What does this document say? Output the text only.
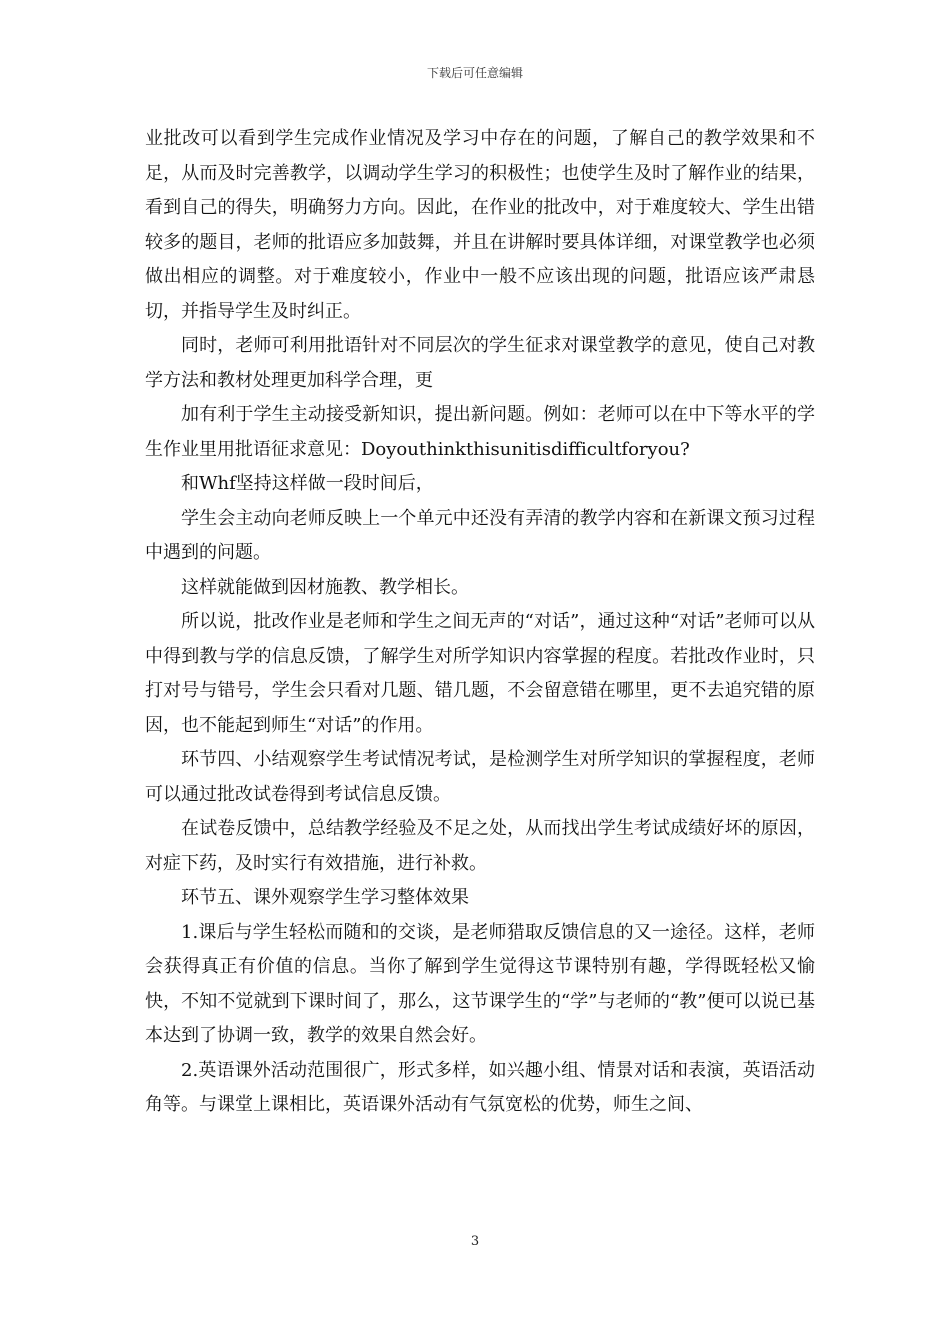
下载后可任意编辑

业批改可以看到学生完成作业情况及学习中存在的问题，了解自己的教学效果和不足，从而及时完善教学，以调动学生学习的积极性；也使学生及时了解作业的结果，看到自己的得失，明确努力方向。因此，在作业的批改中，对于难度较大、学生出错较多的题目，老师的批语应多加鼓舞，并且在讲解时要具体详细，对课堂教学也必须做出相应的调整。对于难度较小，作业中一般不应该出现的问题，批语应该严肃恳切，并指导学生及时纠正。

同时，老师可利用批语针对不同层次的学生征求对课堂教学的意见，使自己对教学方法和教材处理更加科学合理，更

加有利于学生主动接受新知识，提出新问题。例如：老师可以在中下等水平的学生作业里用批语征求意见：Doyouthinkthisunitisdifficultforyou?

和Whf坚持这样做一段时间后，

学生会主动向老师反映上一个单元中还没有弄清的教学内容和在新课文预习过程中遇到的问题。

这样就能做到因材施教、教学相长。

所以说，批改作业是老师和学生之间无声的“对话”，通过这种“对话”老师可以从中得到教与学的信息反馈，了解学生对所学知识内容掌握的程度。若批改作业时，只打对号与错号，学生会只看对几题、错几题，不会留意错在哪里，更不去追究错的原因，也不能起到师生“对话”的作用。

环节四、小结观察学生考试情况考试，是检测学生对所学知识的掌握程度，老师可以通过批改试卷得到考试信息反馈。

在试卷反馈中，总结教学经验及不足之处，从而找出学生考试成绩好坏的原因，对症下药，及时实行有效措施，进行补救。

环节五、课外观察学生学习整体效果

1.课后与学生轻松而随和的交谈，是老师猎取反馈信息的又一途径。这样，老师会获得真正有价值的信息。当你了解到学生觉得这节课特别有趣，学得既轻松又愉快，不知不觉就到下课时间了，那么，这节课学生的“学”与老师的“教”便可以说已基本达到了协调一致，教学的效果自然会好。

2.英语课外活动范围很广，形式多样，如兴趣小组、情景对话和表演，英语活动角等。与课堂上课相比，英语课外活动有气氛宽松的优势，师生之间、

3
